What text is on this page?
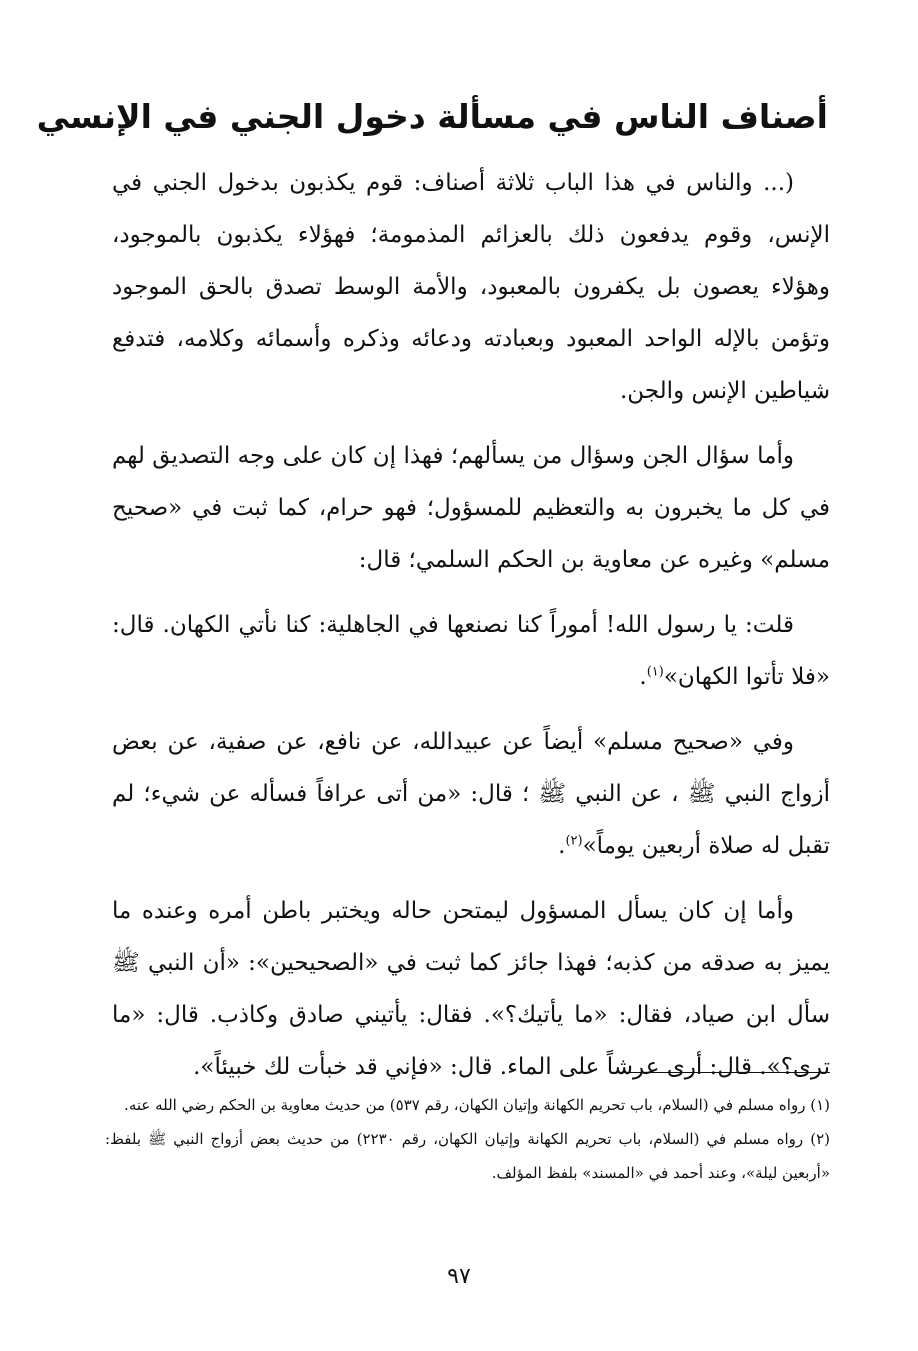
أصناف الناس في مسألة دخول الجني في الإنسي

(... والناس في هذا الباب ثلاثة أصناف: قوم يكذبون بدخول الجني في الإنس، وقوم يدفعون ذلك بالعزائم المذمومة؛ فهؤلاء يكذبون بالموجود، وهؤلاء يعصون بل يكفرون بالمعبود، والأمة الوسط تصدق بالحق الموجود وتؤمن بالإله الواحد المعبود وبعبادته ودعائه وذكره وأسمائه وكلامه، فتدفع شياطين الإنس والجن.

وأما سؤال الجن وسؤال من يسألهم؛ فهذا إن كان على وجه التصديق لهم في كل ما يخبرون به والتعظيم للمسؤول؛ فهو حرام، كما ثبت في «صحيح مسلم» وغيره عن معاوية بن الحكم السلمي؛ قال:

قلت: يا رسول الله! أموراً كنا نصنعها في الجاهلية: كنا نأتي الكهان. قال: «فلا تأتوا الكهان»$^{(١)}$.

وفي «صحيح مسلم» أيضاً عن عبيدالله، عن نافع، عن صفية، عن بعض أزواج النبي ﷺ ، عن النبي ﷺ ؛ قال: «من أتى عرافاً فسأله عن شيء؛ لم تقبل له صلاة أربعين يوماً»$^{(٢)}$.

وأما إن كان يسأل المسؤول ليمتحن حاله ويختبر باطن أمره وعنده ما يميز به صدقه من كذبه؛ فهذا جائز كما ثبت في «الصحيحين»: «أن النبي ﷺ سأل ابن صياد، فقال: «ما يأتيك؟». فقال: يأتيني صادق وكاذب. قال: «ما ترى؟». قال: أرى عرشاً على الماء. قال: «فإني قد خبأت لك خبيئاً».

(١) رواه مسلم في (السلام، باب تحريم الكهانة وإتيان الكهان، رقم ٥٣٧) من حديث معاوية بن الحكم رضي الله عنه.

(٢) رواه مسلم في (السلام، باب تحريم الكهانة وإتيان الكهان، رقم ٢٢٣٠) من حديث بعض أزواج النبي ﷺ بلفظ: «أربعين ليلة»، وعند أحمد في «المسند» بلفظ المؤلف.

٩٧
